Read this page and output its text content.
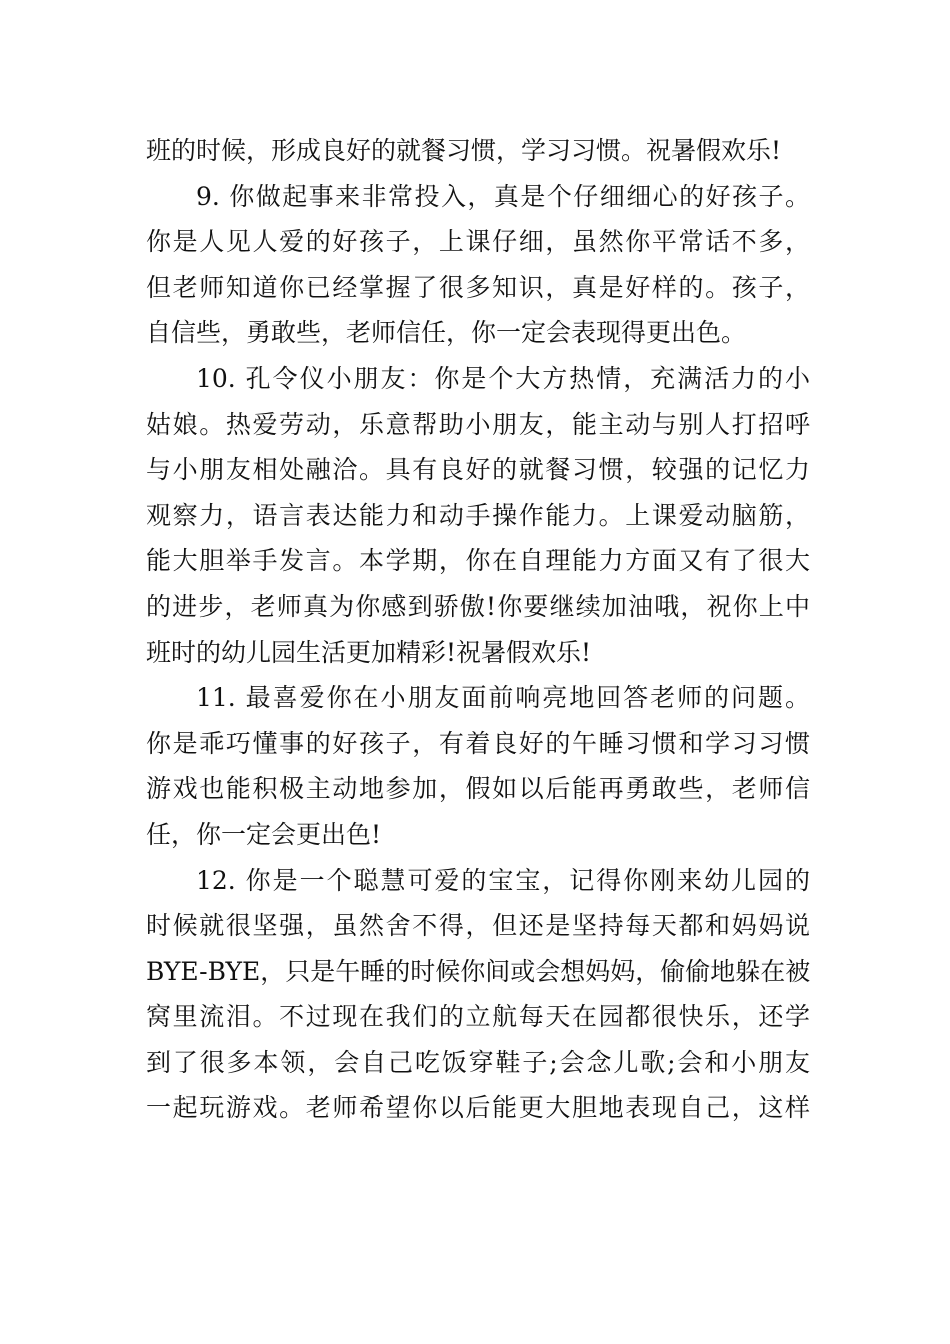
班的时候，形成良好的就餐习惯，学习习惯。祝暑假欢乐!
9. 你做起事来非常投入，真是个仔细细心的好孩子。
你是人见人爱的好孩子，上课仔细，虽然你平常话不多，
但老师知道你已经掌握了很多知识，真是好样的。孩子，
自信些，勇敢些，老师信任，你一定会表现得更出色。
10. 孔令仪小朋友：你是个大方热情，充满活力的小
姑娘。热爱劳动，乐意帮助小朋友，能主动与别人打招呼
与小朋友相处融洽。具有良好的就餐习惯，较强的记忆力
观察力，语言表达能力和动手操作能力。上课爱动脑筋，
能大胆举手发言。本学期，你在自理能力方面又有了很大
的进步，老师真为你感到骄傲!你要继续加油哦，祝你上中
班时的幼儿园生活更加精彩!祝暑假欢乐!
11. 最喜爱你在小朋友面前响亮地回答老师的问题。
你是乖巧懂事的好孩子，有着良好的午睡习惯和学习习惯
游戏也能积极主动地参加，假如以后能再勇敢些，老师信
任，你一定会更出色!
12. 你是一个聪慧可爱的宝宝，记得你刚来幼儿园的
时候就很坚强，虽然舍不得，但还是坚持每天都和妈妈说
BYE-BYE，只是午睡的时候你间或会想妈妈，偷偷地躲在被
窝里流泪。不过现在我们的立航每天在园都很快乐，还学
到了很多本领，会自己吃饭穿鞋子;会念儿歌;会和小朋友
一起玩游戏。老师希望你以后能更大胆地表现自己，这样
